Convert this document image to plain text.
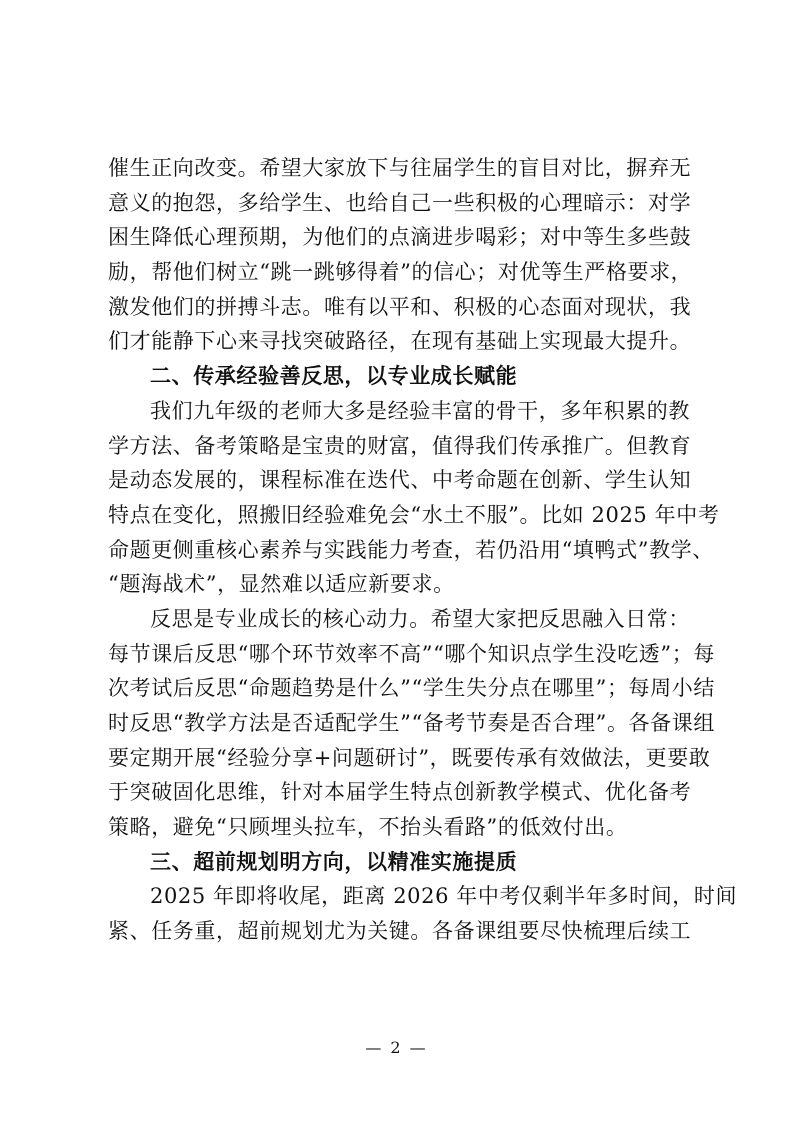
催生正向改变。希望大家放下与往届学生的盲目对比，摒弃无
意义的抱怨，多给学生、也给自己一些积极的心理暗示：对学
困生降低心理预期，为他们的点滴进步喝彩；对中等生多些鼓
励，帮他们树立“跳一跳够得着”的信心；对优等生严格要求，
激发他们的拼搏斗志。唯有以平和、积极的心态面对现状，我
们才能静下心来寻找突破路径，在现有基础上实现最大提升。
二、传承经验善反思，以专业成长赋能
我们九年级的老师大多是经验丰富的骨干，多年积累的教
学方法、备考策略是宝贵的财富，值得我们传承推广。但教育
是动态发展的，课程标准在迭代、中考命题在创新、学生认知
特点在变化，照搬旧经验难免会“水土不服”。比如 2025 年中考
命题更侧重核心素养与实践能力考查，若仍沿用“填鸭式”教学、
“题海战术”，显然难以适应新要求。
反思是专业成长的核心动力。希望大家把反思融入日常：
每节课后反思“哪个环节效率不高”“哪个知识点学生没吃透”；每
次考试后反思“命题趋势是什么”“学生失分点在哪里”；每周小结
时反思“教学方法是否适配学生”“备考节奏是否合理”。各备课组
要定期开展“经验分享+问题研讨”，既要传承有效做法，更要敢
于突破固化思维，针对本届学生特点创新教学模式、优化备考
策略，避免“只顾埋头拉车，不抬头看路”的低效付出。
三、超前规划明方向，以精准实施提质
2025 年即将收尾，距离 2026 年中考仅剩半年多时间，时间
紧、任务重，超前规划尤为关键。各备课组要尽快梳理后续工
— 2 —
